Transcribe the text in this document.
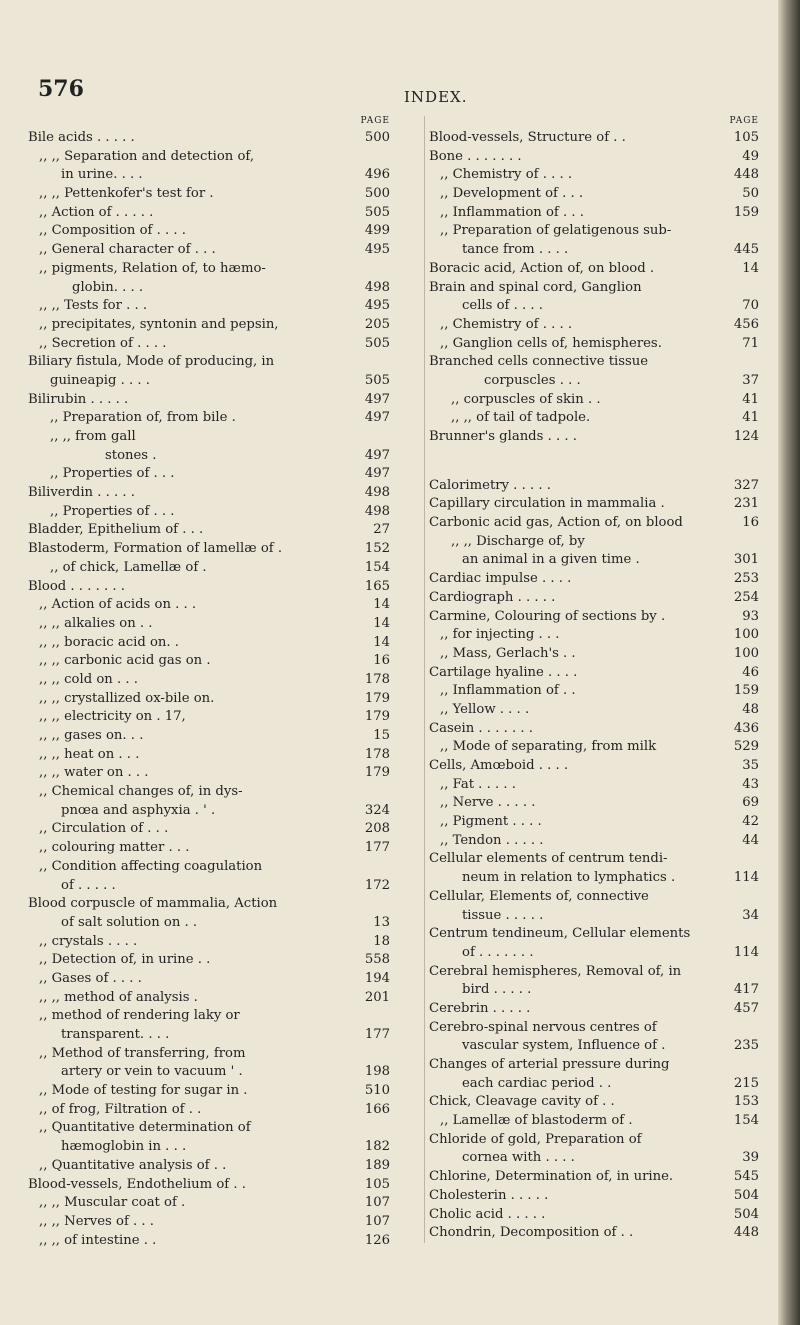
576	INDEX.
PAGE
Bile acids . . . . .	500
,, ,, Separation and detection of,
in urine. . . .	496
,, ,, Pettenkofer's test for .	500
,, Action of . . . . .	505
,, Composition of . . . .	499
,, General character of . . .	495
,, pigments, Relation of, to hæmo-
globin. . . .	498
,, ,, Tests for . . .	495
,, precipitates, syntonin and pepsin,	205
,, Secretion of . . . .	505
Biliary fistula, Mode of producing, in
guineapig . . . .	505
Bilirubin . . . . .	497
,, Preparation of, from bile .	497
,, ,, from gall
stones .	497
,, Properties of . . .	497
Biliverdin . . . . .	498
,, Properties of . . .	498
Bladder, Epithelium of . . .	27
Blastoderm, Formation of lamellæ of .	152
,, of chick, Lamellæ of .	154
Blood . . . . . . .	165
,, Action of acids on . . .	14
,, ,, alkalies on . .	14
,, ,, boracic acid on. .	14
,, ,, carbonic acid gas on .	16
,, ,, cold on . . .	178
,, ,, crystallized ox-bile on.	179
,, ,, electricity on . 17,	179
,, ,, gases on. . .	15
,, ,, heat on . . .	178
,, ,, water on . . .	179
,, Chemical changes of, in dys-
pnœa and asphyxia . ' .	324
,, Circulation of . . .	208
,, colouring matter . . .	177
,, Condition affecting coagulation
of . . . . .	172
Blood corpuscle of mammalia, Action
of salt solution on . .	13
,, crystals . . . .	18
,, Detection of, in urine . .	558
,, Gases of . . . .	194
,, ,, method of analysis .	201
,, method of rendering laky or
transparent. . . .	177
,, Method of transferring, from
artery or vein to vacuum ' .	198
,, Mode of testing for sugar in .	510
,, of frog, Filtration of . .	166
,, Quantitative determination of
hæmoglobin in . . .	182
,, Quantitative analysis of . .	189
Blood-vessels, Endothelium of . .	105
,, ,, Muscular coat of .	107
,, ,, Nerves of . . .	107
,, ,, of intestine . .	126
PAGE
Blood-vessels, Structure of . .	105
Bone . . . . . . .	49
,, Chemistry of . . . .	448
,, Development of . . .	50
,, Inflammation of . . .	159
,, Preparation of gelatigenous sub-
tance from . . . .	445
Boracic acid, Action of, on blood .	14
Brain and spinal cord, Ganglion
cells of . . . .	70
,, Chemistry of . . . .	456
,, Ganglion cells of, hemispheres.	71
Branched cells connective tissue
corpuscles . . .	37
,, corpuscles of skin . .	41
,, ,, of tail of tadpole.	41
Brunner's glands . . . .	124
Calorimetry . . . . .	327
Capillary circulation in mammalia .	231
Carbonic acid gas, Action of, on blood	16
,, ,, Discharge of, by
an animal in a given time .	301
Cardiac impulse . . . .	253
Cardiograph . . . . .	254
Carmine, Colouring of sections by .	93
,, for injecting . . .	100
,, Mass, Gerlach's . .	100
Cartilage hyaline . . . .	46
,, Inflammation of . .	159
,, Yellow . . . .	48
Casein . . . . . . .	436
,, Mode of separating, from milk	529
Cells, Amœboid . . . .	35
,, Fat . . . . .	43
,, Nerve . . . . .	69
,, Pigment . . . .	42
,, Tendon . . . . .	44
Cellular elements of centrum tendi-
neum in relation to lymphatics .	114
Cellular, Elements of, connective
tissue . . . . .	34
Centrum tendineum, Cellular elements
of . . . . . . .	114
Cerebral hemispheres, Removal of, in
bird . . . . .	417
Cerebrin . . . . .	457
Cerebro-spinal nervous centres of
vascular system, Influence of .	235
Changes of arterial pressure during
each cardiac period . .	215
Chick, Cleavage cavity of . .	153
,, Lamellæ of blastoderm of .	154
Chloride of gold, Preparation of
cornea with . . . .	39
Chlorine, Determination of, in urine.	545
Cholesterin . . . . .	504
Cholic acid . . . . .	504
Chondrin, Decomposition of . .	448
